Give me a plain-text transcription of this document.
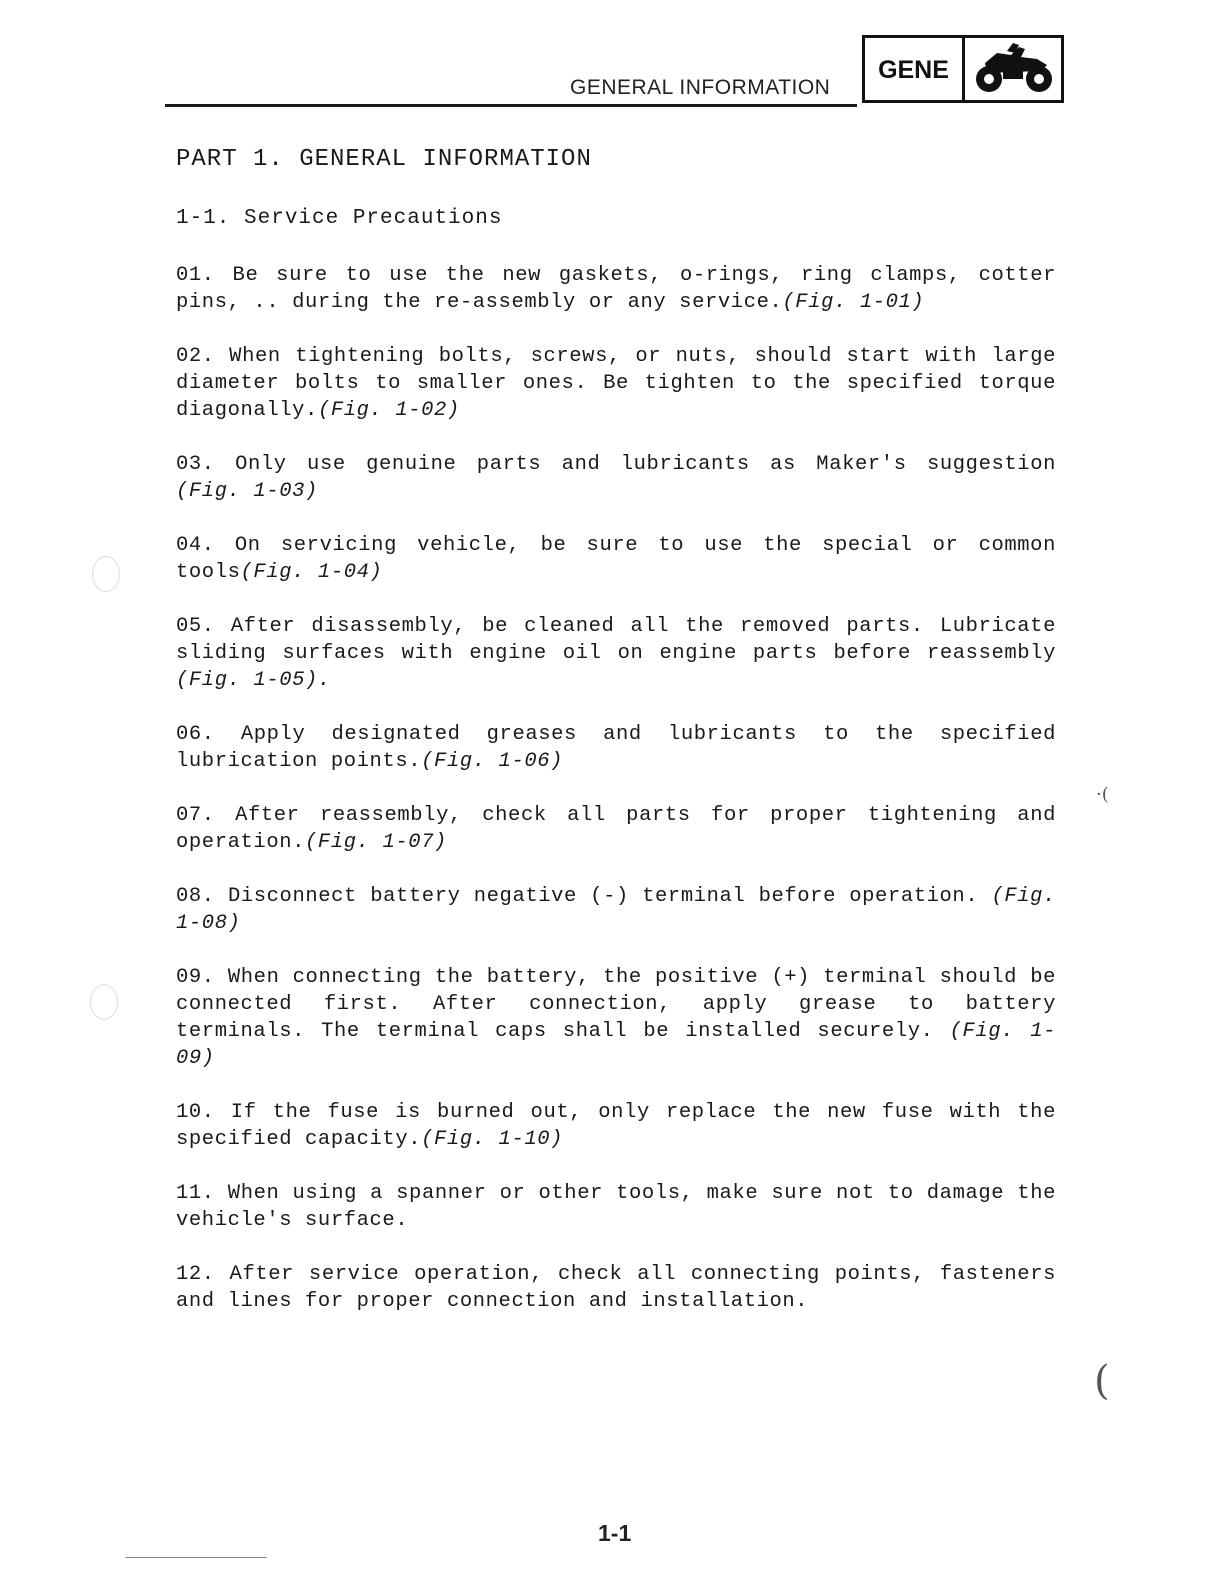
GENERAL INFORMATION
GENE
PART 1. GENERAL INFORMATION
1-1. Service Precautions
01. Be sure to use the new gaskets, o-rings, ring clamps, cotter pins, .. during the re-assembly or any service.(Fig. 1-01)
02. When tightening bolts, screws, or nuts, should start with large diameter bolts to smaller ones. Be tighten to the specified torque diagonally.(Fig. 1-02)
03. Only use genuine parts and lubricants as Maker's suggestion (Fig. 1-03)
04. On servicing vehicle, be sure to use the special or common tools(Fig. 1-04)
05. After disassembly, be cleaned all the removed parts. Lubricate sliding surfaces with engine oil on engine parts before reassembly (Fig. 1-05).
06. Apply designated greases and lubricants to the specified lubrication points.(Fig. 1-06)
07. After reassembly, check all parts for proper tightening and operation.(Fig. 1-07)
08. Disconnect battery negative (-) terminal before operation. (Fig. 1-08)
09. When connecting the battery, the positive (+) terminal should be connected first. After connection, apply grease to battery terminals. The terminal caps shall be installed securely. (Fig. 1-09)
10. If the fuse is burned out, only replace the new fuse with the specified capacity.(Fig. 1-10)
11. When using a spanner or other tools, make sure not to damage the vehicle's surface.
12. After service operation, check all connecting points, fasteners and lines for proper connection and installation.
1-1
(
·(
